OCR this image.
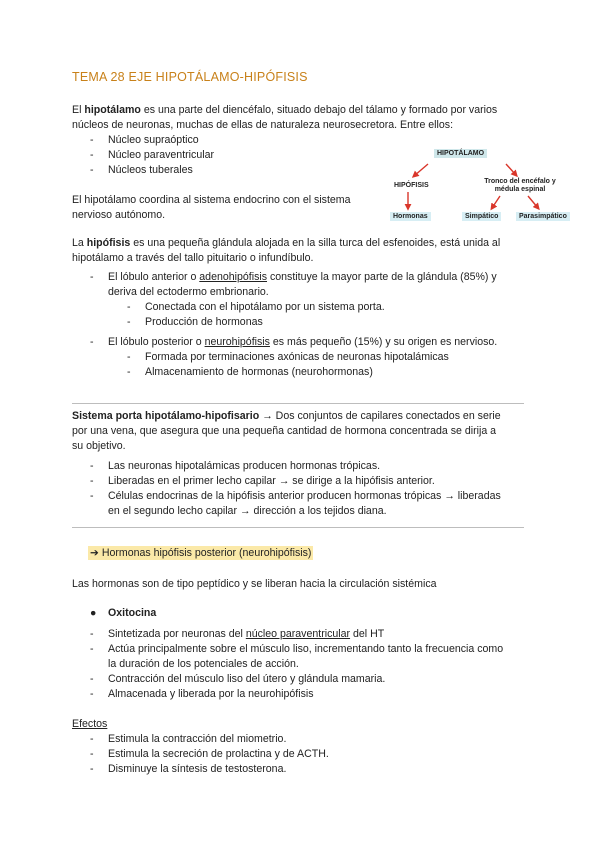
TEMA 28 EJE HIPOTÁLAMO-HIPÓFISIS
El hipotálamo es una parte del diencéfalo, situado debajo del tálamo y formado por varios
núcleos de neuronas, muchas de ellas de naturaleza neurosecretora. Entre ellos:
- Núcleo supraóptico
- Núcleo paraventricular
- Núcleos tuberales
El hipotálamo coordina al sistema endocrino con el sistema
nervioso autónomo.
HIPOTÁLAMO
HIPÓFISIS
Tronco del encéfalo y
médula espinal
Hormonas	Simpático	Parasimpático
La hipófisis es una pequeña glándula alojada en la silla turca del esfenoides, está unida al
hipotálamo a través del tallo pituitario o infundíbulo.
- El lóbulo anterior o adenohipófisis constituye la mayor parte de la glándula (85%) y
deriva del ectodermo embrionario.
- Conectada con el hipotálamo por un sistema porta.
- Producción de hormonas
- El lóbulo posterior o neurohipófisis es más pequeño (15%) y su origen es nervioso.
- Formada por terminaciones axónicas de neuronas hipotalámicas
- Almacenamiento de hormonas (neurohormonas)
Sistema porta hipotálamo-hipofisario → Dos conjuntos de capilares conectados en serie
por una vena, que asegura que una pequeña cantidad de hormona concentrada se dirija a
su objetivo.
- Las neuronas hipotalámicas producen hormonas trópicas.
- Liberadas en el primer lecho capilar → se dirige a la hipófisis anterior.
- Células endocrinas de la hipófisis anterior producen hormonas trópicas → liberadas
en el segundo lecho capilar → dirección a los tejidos diana.
➔ Hormonas hipófisis posterior (neurohipófisis)
Las hormonas son de tipo peptídico y se liberan hacia la circulación sistémica
● Oxitocina
- Sintetizada por neuronas del núcleo paraventricular del HT
- Actúa principalmente sobre el músculo liso, incrementando tanto la frecuencia como
la duración de los potenciales de acción.
- Contracción del músculo liso del útero y glándula mamaria.
- Almacenada y liberada por la neurohipófisis
Efectos
- Estimula la contracción del miometrio.
- Estimula la secreción de prolactina y de ACTH.
- Disminuye la síntesis de testosterona.
